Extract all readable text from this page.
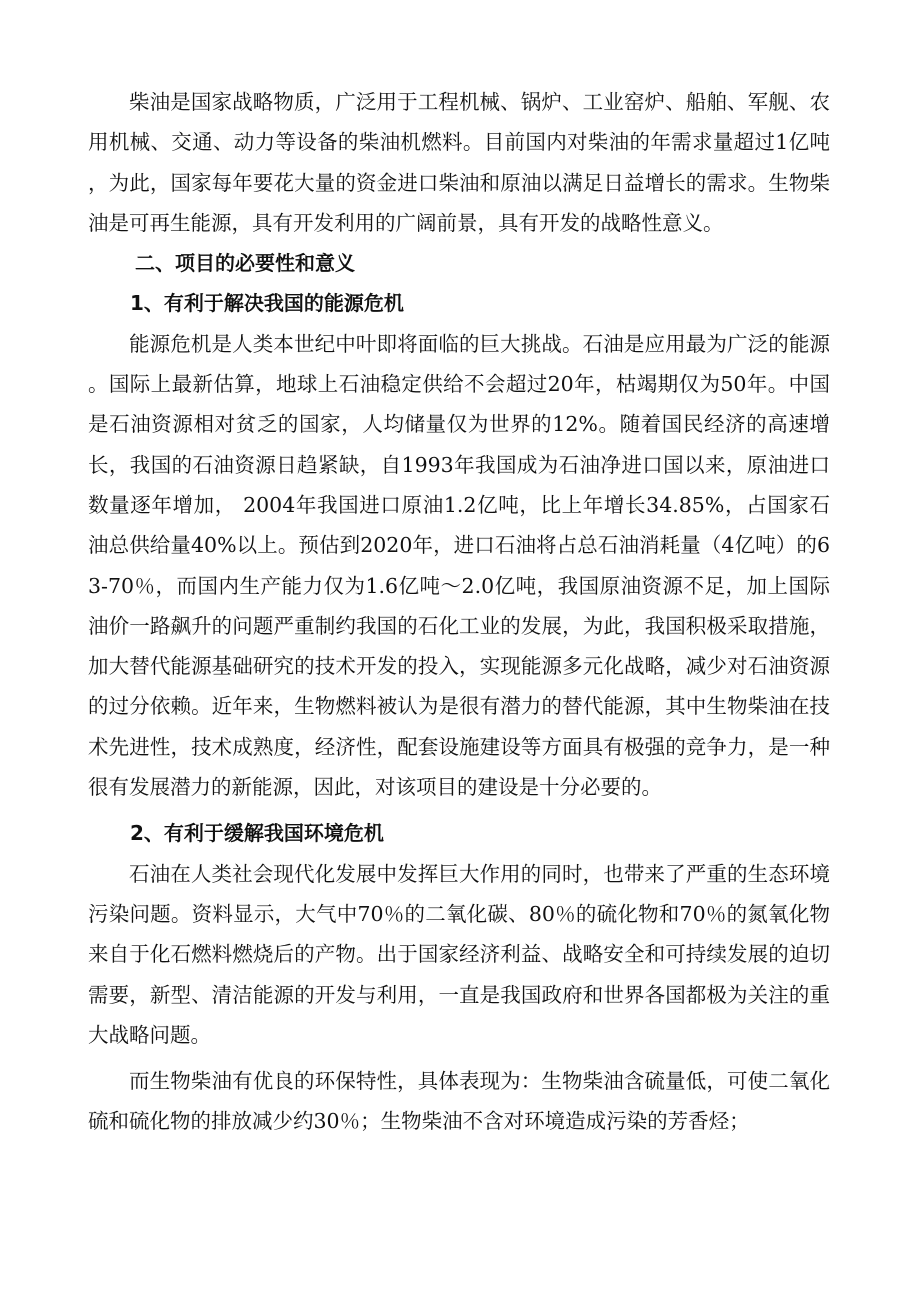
柴油是国家战略物质，广泛用于工程机械、锅炉、工业窑炉、船舶、军舰、农用机械、交通、动力等设备的柴油机燃料。目前国内对柴油的年需求量超过1亿吨，为此，国家每年要花大量的资金进口柴油和原油以满足日益增长的需求。生物柴油是可再生能源，具有开发利用的广阔前景，具有开发的战略性意义。

二、项目的必要性和意义

1、有利于解决我国的能源危机

能源危机是人类本世纪中叶即将面临的巨大挑战。石油是应用最为广泛的能源。国际上最新估算，地球上石油稳定供给不会超过20年，枯竭期仅为50年。中国是石油资源相对贫乏的国家，人均储量仅为世界的12%。随着国民经济的高速增长，我国的石油资源日趋紧缺，自1993年我国成为石油净进口国以来，原油进口数量逐年增加， 2004年我国进口原油1.2亿吨，比上年增长34.85%，占国家石油总供给量40%以上。预估到2020年，进口石油将占总石油消耗量（4亿吨）的63-70％，而国内生产能力仅为1.6亿吨～2.0亿吨，我国原油资源不足，加上国际油价一路飙升的问题严重制约我国的石化工业的发展，为此，我国积极采取措施，加大替代能源基础研究的技术开发的投入，实现能源多元化战略，减少对石油资源的过分依赖。近年来，生物燃料被认为是很有潜力的替代能源，其中生物柴油在技术先进性，技术成熟度，经济性，配套设施建设等方面具有极强的竞争力，是一种很有发展潜力的新能源，因此，对该项目的建设是十分必要的。

2、有利于缓解我国环境危机

石油在人类社会现代化发展中发挥巨大作用的同时，也带来了严重的生态环境污染问题。资料显示，大气中70％的二氧化碳、80％的硫化物和70％的氮氧化物来自于化石燃料燃烧后的产物。出于国家经济利益、战略安全和可持续发展的迫切需要，新型、清洁能源的开发与利用，一直是我国政府和世界各国都极为关注的重大战略问题。

而生物柴油有优良的环保特性，具体表现为：生物柴油含硫量低，可使二氧化硫和硫化物的排放减少约30％；生物柴油不含对环境造成污染的芳香烃；
